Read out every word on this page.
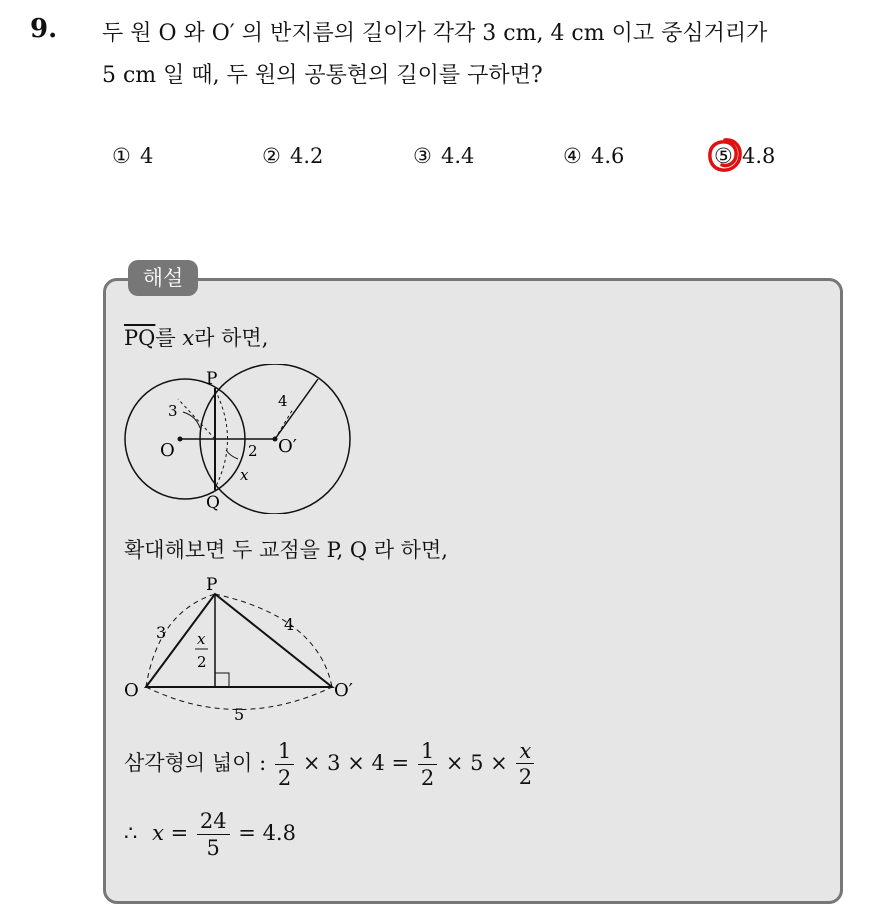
9. 두 원 O 와 O′ 의 반지름의 길이가 각각 3 cm, 4 cm 이고 중심거리가
5 cm 일 때, 두 원의 공통현의 길이를 구하면?
① 4	② 4.2	③ 4.4	④ 4.6	⑤ 4.8
해설
$\overline{PQ}$를 x라 하면,
P
Q
O	O′
3
4
2
x
확대해보면 두 교점을 P, Q 라 하면,
P
O	O′
3	4
5
x
2
삼각형의 넓이 : $\frac{1}{2} \times 3 \times 4 = \frac{1}{2} \times 5 \times \frac{x}{2}$
∴ $x = \frac{24}{5} = 4.8$
